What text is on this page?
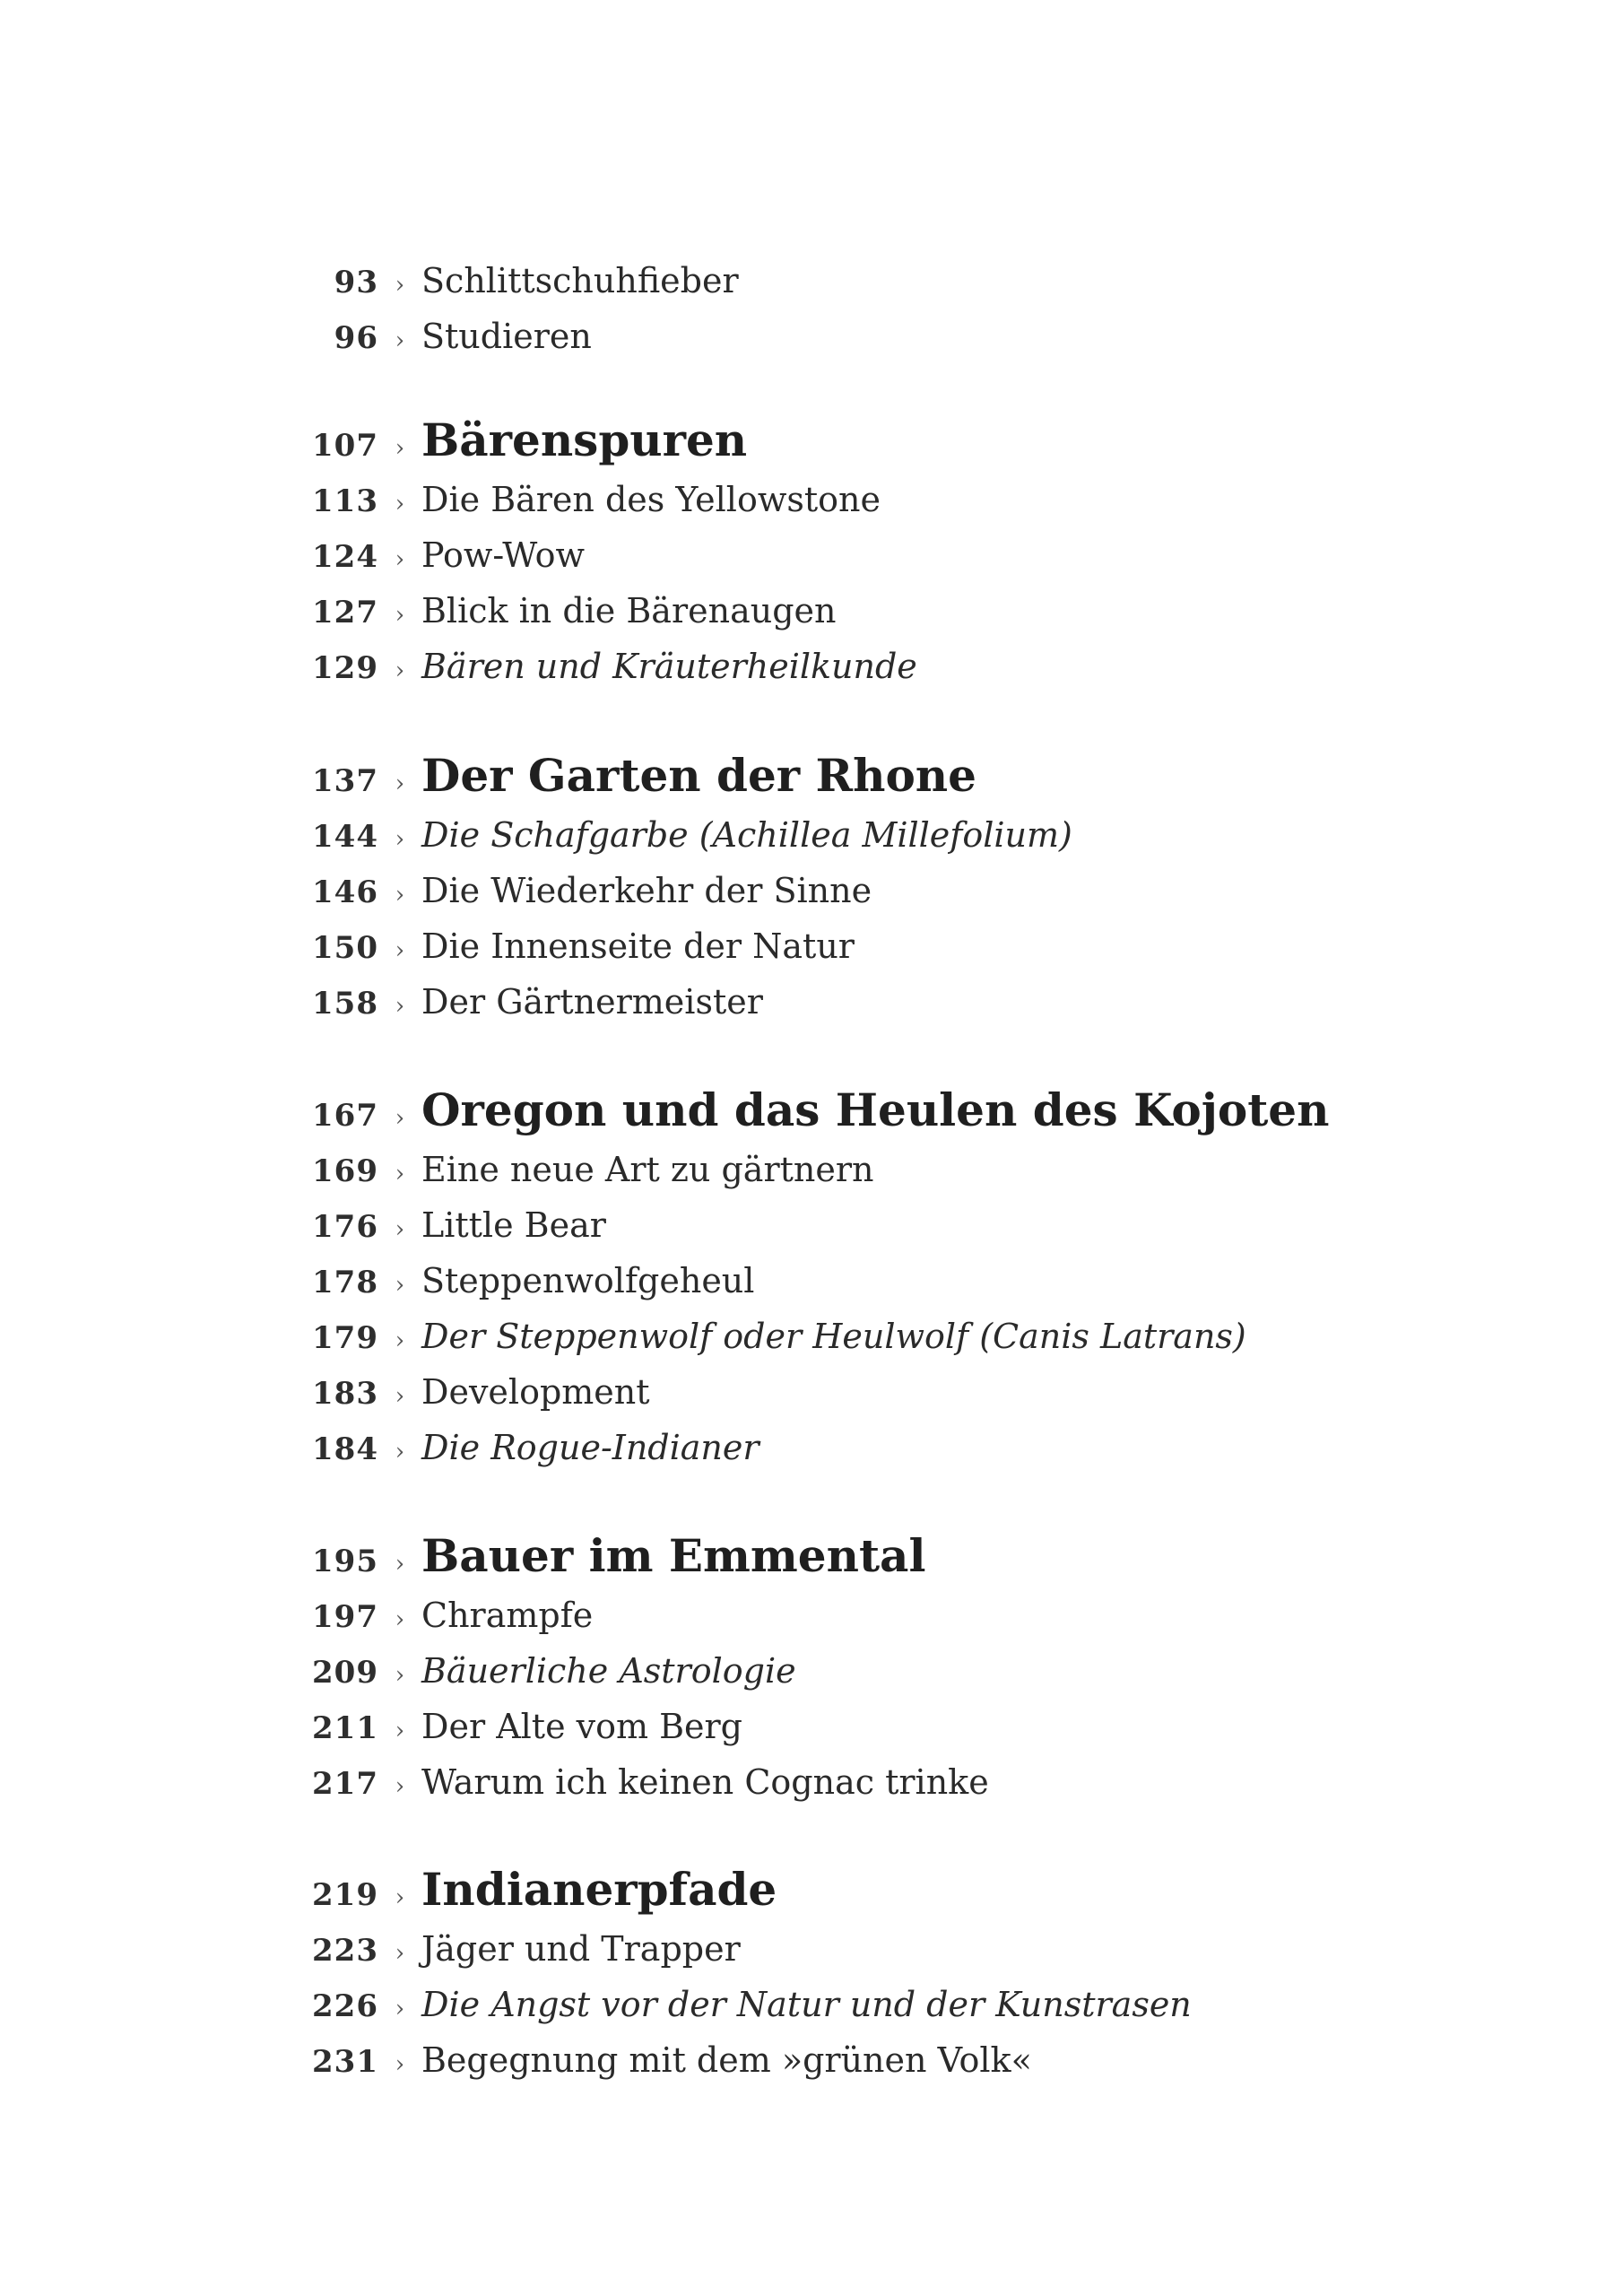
93 › Schlittschuhfieber
96 › Studieren
107 › Bärenspuren
113 › Die Bären des Yellowstone
124 › Pow-Wow
127 › Blick in die Bärenaugen
129 › Bären und Kräuterheilkunde
137 › Der Garten der Rhone
144 › Die Schafgarbe (Achillea Millefolium)
146 › Die Wiederkehr der Sinne
150 › Die Innenseite der Natur
158 › Der Gärtnermeister
167 › Oregon und das Heulen des Kojoten
169 › Eine neue Art zu gärtnern
176 › Little Bear
178 › Steppenwolfgeheul
179 › Der Steppenwolf oder Heulwolf (Canis Latrans)
183 › Development
184 › Die Rogue-Indianer
195 › Bauer im Emmental
197 › Chrampfe
209 › Bäuerliche Astrologie
211 › Der Alte vom Berg
217 › Warum ich keinen Cognac trinke
219 › Indianerpfade
223 › Jäger und Trapper
226 › Die Angst vor der Natur und der Kunstrasen
231 › Begegnung mit dem »grünen Volk«
